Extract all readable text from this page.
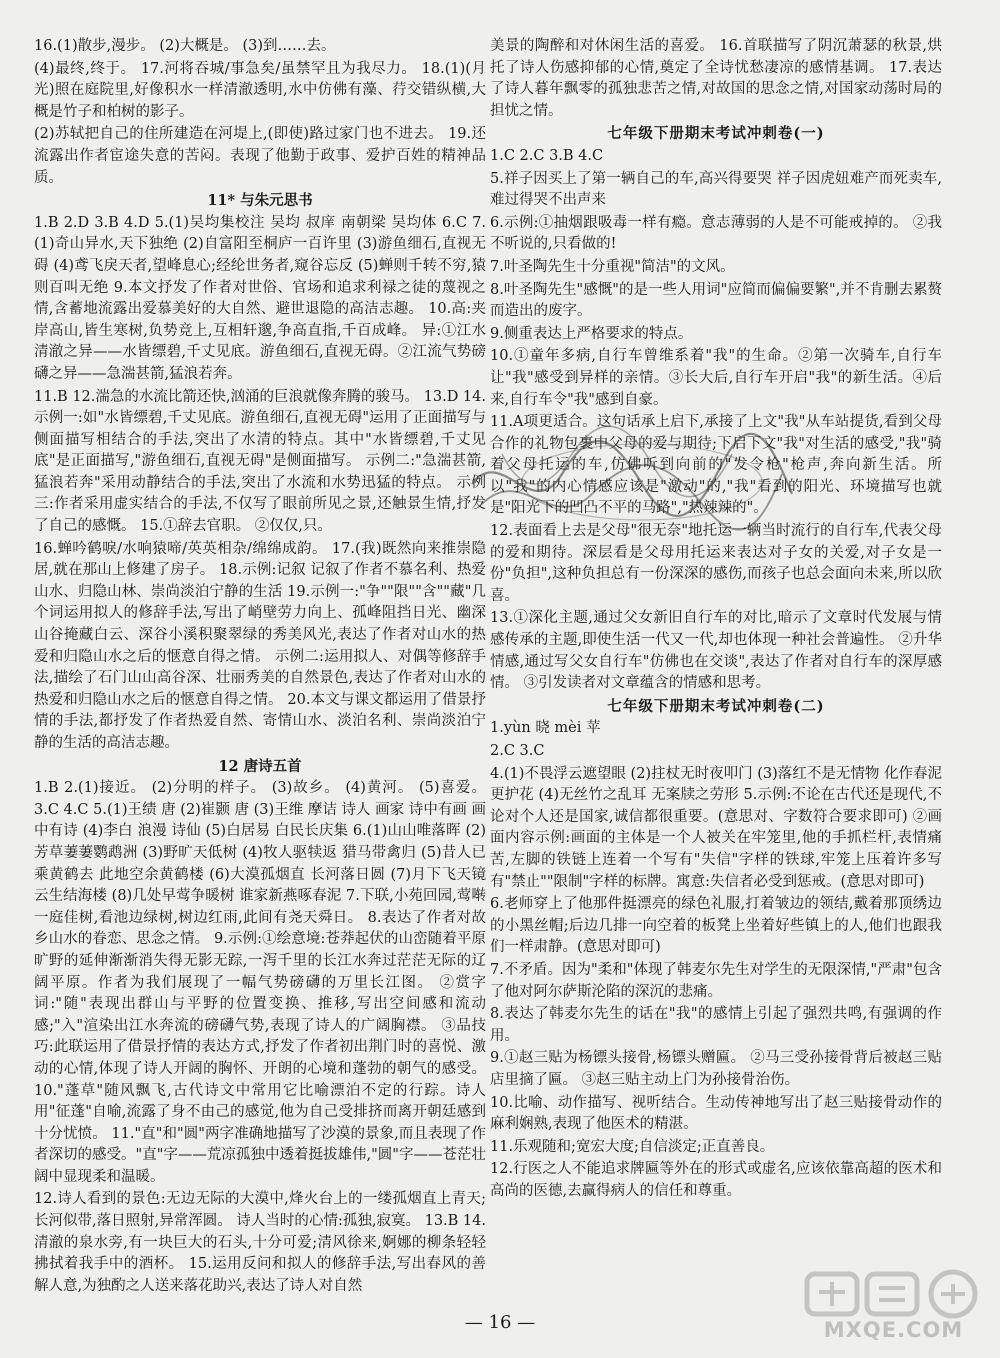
16.(1)散步,漫步。 (2)大概是。 (3)到……去。

(4)最终,终于。 17.河将吞城/事急矣/虽禁罕且为我尽力。 18.(1)(月光)照在庭院里,好像积水一样清澈透明,水中仿佛有藻、荇交错纵横,大概是竹子和柏树的影子。

(2)苏轼把自己的住所建造在河堤上,(即使)路过家门也不进去。 19.还流露出作者宦途失意的苦闷。表现了他勤于政事、爱护百姓的精神品质。

11* 与朱元思书

1.B 2.D 3.B 4.D 5.(1)吴均集校注 吴均 叔庠 南朝梁 吴均体 6.C 7.(1)奇山异水,天下独绝 (2)自富阳至桐庐一百许里 (3)游鱼细石,直视无碍 (4)鸢飞戾天者,望峰息心;经纶世务者,窥谷忘反 (5)蝉则千转不穷,猿则百叫无绝 9.本文抒发了作者对世俗、官场和追求利禄之徒的蔑视之情,含蓄地流露出爱慕美好的大自然、避世退隐的高洁志趣。 10.高:夹岸高山,皆生寒树,负势竞上,互相轩邈,争高直指,千百成峰。 异:①江水清澈之异——水皆缥碧,千丈见底。游鱼细石,直视无碍。②江流气势磅礴之异——急湍甚箭,猛浪若奔。

11.B 12.湍急的水流比箭还快,汹涌的巨浪就像奔腾的骏马。 13.D 14.示例一:如"水皆缥碧,千丈见底。游鱼细石,直视无碍"运用了正面描写与侧面描写相结合的手法,突出了水清的特点。其中"水皆缥碧,千丈见底"是正面描写,"游鱼细石,直视无碍"是侧面描写。 示例二:"急湍甚箭,猛浪若奔"采用动静结合的手法,突出了水流和水势迅猛的特点。 示例三:作者采用虚实结合的手法,不仅写了眼前所见之景,还触景生情,抒发了自己的感慨。 15.①辞去官职。 ②仅仅,只。

16.蝉吟鹤唳/水响猿啼/英英相杂/绵绵成韵。 17.(我)既然向来推崇隐居,就在那山上修建了房子。 18.示例:记叙 记叙了作者不慕名利、热爱山水、归隐山林、崇尚淡泊宁静的生活 19.示例一:"争""限""含""藏"几个词运用拟人的修辞手法,写出了峭壁劳力向上、孤峰阻挡日光、幽深山谷掩藏白云、深谷小溪积聚翠绿的秀美风光,表达了作者对山水的热爱和归隐山水之后的惬意自得之情。 示例二:运用拟人、对偶等修辞手法,描绘了石门山山高谷深、壮丽秀美的自然景色,表达了作者对山水的热爱和归隐山水之后的惬意自得之情。 20.本文与课文都运用了借景抒情的手法,都抒发了作者热爱自然、寄情山水、淡泊名利、崇尚淡泊宁静的生活的高洁志趣。

12 唐诗五首

1.B 2.(1)接近。 (2)分明的样子。 (3)故乡。 (4)黄河。 (5)喜爱。 3.C 4.C 5.(1)王绩 唐 (2)崔颢 唐 (3)王维 摩诘 诗人 画家 诗中有画 画中有诗 (4)李白 浪漫 诗仙 (5)白居易 白民长庆集 6.(1)山山唯落晖 (2)芳草萋萋鹦鹉洲 (3)野旷天低树 (4)牧人驱犊返 猎马带禽归 (5)昔人已乘黄鹤去 此地空余黄鹤楼 (6)大漠孤烟直 长河落日圆 (7)月下飞天镜 云生结海楼 (8)几处早莺争暖树 谁家新燕啄春泥 7.下联,小苑回园,莺啭一庭佳树,看池边绿树,树边红雨,此间有尧天舜日。 8.表达了作者对故乡山水的眷恋、思念之情。 9.示例:①绘意境:苍莽起伏的山峦随着平原旷野的延伸渐渐消失得无影无踪,一泻千里的长江水奔过茫茫无际的辽阔平原。作者为我们展现了一幅气势磅礴的万里长江图。 ②赏字词:"随"表现出群山与平野的位置变换、推移,写出空间感和流动感;"入"渲染出江水奔流的磅礴气势,表现了诗人的广阔胸襟。 ③品技巧:此联运用了借景抒情的表达方式,抒发了作者初出荆门时的喜悦、激动的心情,体现了诗人开阔的胸怀、开朗的心境和蓬勃的朝气的感受。 10."蓬草"随风飘飞,古代诗文中常用它比喻漂泊不定的行踪。诗人用"征蓬"自喻,流露了身不由己的感觉,他为自己受排挤而离开朝廷感到十分忧愤。 11."直"和"圆"两字准确地描写了沙漠的景象,而且表现了作者深切的感受。"直"字——荒凉孤独中透着挺拔雄伟,"圆"字——苍茫壮阔中显现柔和温暖。

12.诗人看到的景色:无边无际的大漠中,烽火台上的一缕孤烟直上青天;长河似带,落日照射,异常浑圆。 诗人当时的心情:孤独,寂寞。 13.B 14.清澈的泉水旁,有一块巨大的石头,十分可爱;清风徐来,婀娜的柳条轻轻拂拭着我手中的酒杯。 15.运用反问和拟人的修辞手法,写出春风的善解人意,为独酌之人送来落花助兴,表达了诗人对自然

美景的陶醉和对休闲生活的喜爱。 16.首联描写了阴沉萧瑟的秋景,烘托了诗人伤感抑郁的心情,奠定了全诗忧愁凄凉的感情基调。 17.表达了诗人暮年飘零的孤独悲苦之情,对故国的思念之情,对国家动荡时局的担忧之情。

七年级下册期末考试冲刺卷(一)

1.C 2.C 3.B 4.C

5.祥子因买上了第一辆自己的车,高兴得要哭 祥子因虎妞难产而死卖车,难过得哭不出声来

6.示例:①抽烟跟吸毒一样有瘾。意志薄弱的人是不可能戒掉的。 ②我不听说的,只看做的!

7.叶圣陶先生十分重视"简洁"的文风。

8.叶圣陶先生"感慨"的是一些人用词"应简而偏偏要繁",并不肯删去累赘而造出的废字。

9.侧重表达上严格要求的特点。

10.①童年多病,自行车曾维系着"我"的生命。②第一次骑车,自行车让"我"感受到异样的亲情。③长大后,自行车开启"我"的新生活。④后来,自行车令"我"感到自豪。

11.A项更适合。这句话承上启下,承接了上文"我"从车站提货,看到父母合作的礼物包裹中父母的爱与期待;下启下文"我"对生活的感受,"我"骑着父母托运的车,仿佛听到向前的"发令枪"枪声,奔向新生活。所以"我"的内心情感应该是"激动"的,"我"看到的阳光、环境描写也就是"阳光下的凹凸不平的马路","热辣辣的"。

12.表面看上去是父母"很无奈"地托运一辆当时流行的自行车,代表父母的爱和期待。深层看是父母用托运来表达对子女的关爱,对子女是一份"负担",这种负担总有一份深深的感伤,而孩子也总会面向未来,所以欣喜。

13.①深化主题,通过父女新旧自行车的对比,暗示了文章时代发展与情感传承的主题,即使生活一代又一代,却也体现一种社会普遍性。 ②升华情感,通过写父女自行车"仿佛也在交谈",表达了作者对自行车的深厚感情。 ③引发读者对文章蕴含的情感和思考。

七年级下册期末考试冲刺卷(二)

1.yùn 晓 mèi 苹

2.C 3.C

4.(1)不畏浮云遮望眼 (2)拄杖无时夜叩门 (3)落红不是无情物 化作春泥更护花 (4)无丝竹之乱耳 无案牍之劳形 5.示例:不论在古代还是现代,不论对个人还是国家,诚信都很重要。(意思对、字数符合要求即可) ②画面内容示例:画面的主体是一个人被关在牢笼里,他的手抓栏杆,表情痛苦,左脚的铁链上连着一个写有"失信"字样的铁球,牢笼上压着许多写有"禁止""限制"字样的标牌。寓意:失信者必受到惩戒。(意思对即可)

6.老师穿上了他那件挺漂亮的绿色礼服,打着皱边的领结,戴着那顶绣边的小黑丝帽;后边几排一向空着的板凳上坐着好些镇上的人,他们也跟我们一样肃静。(意思对即可)

7.不矛盾。因为"柔和"体现了韩麦尔先生对学生的无限深情,"严肃"包含了他对阿尔萨斯沦陷的深沉的悲痛。

8.表达了韩麦尔先生的话在"我"的感情上引起了强烈共鸣,有强调的作用。

9.①赵三贴为杨镖头接骨,杨镖头赠匾。 ②马三受孙接骨背后被赵三贴店里摘了匾。 ③赵三贴主动上门为孙接骨治伤。

10.比喻、动作描写、视听结合。生动传神地写出了赵三贴接骨动作的麻利娴熟,表现了他医术的精湛。

11.乐观随和;宽宏大度;自信淡定;正直善良。

12.行医之人不能追求牌匾等外在的形式或虚名,应该依靠高超的医术和高尚的医德,去赢得病人的信任和尊重。

— 16 —	MXQE.COM
